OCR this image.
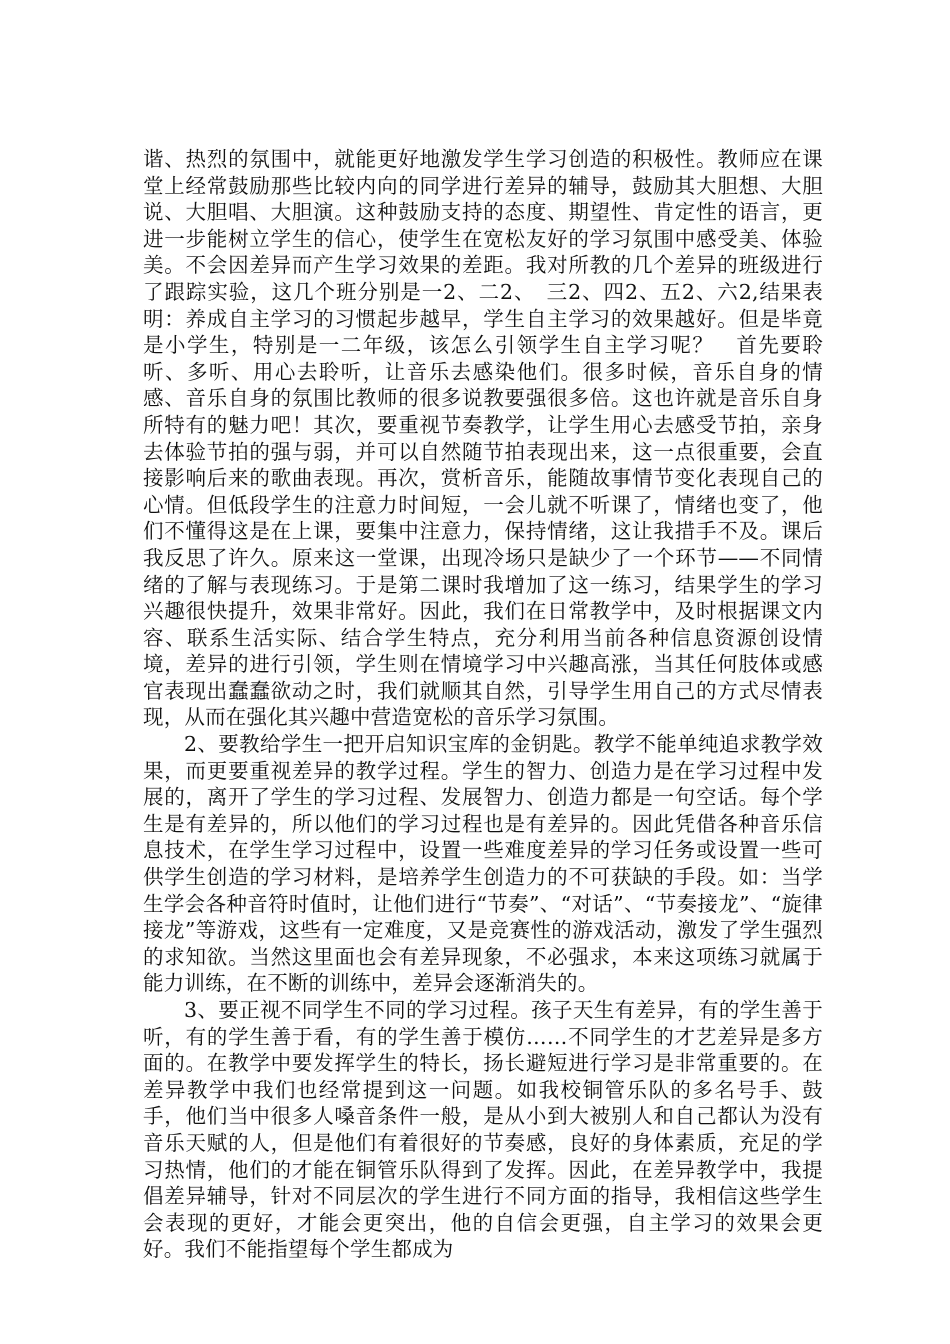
谐、热烈的氛围中，就能更好地激发学生学习创造的积极性。教师应在课堂上经常鼓励那些比较内向的同学进行差异的辅导，鼓励其大胆想、大胆说、大胆唱、大胆演。这种鼓励支持的态度、期望性、肯定性的语言，更进一步能树立学生的信心，使学生在宽松友好的学习氛围中感受美、体验美。不会因差异而产生学习效果的差距。我对所教的几个差异的班级进行了跟踪实验，这几个班分别是一2、二2、　三2、四2、五2、六2,结果表明：养成自主学习的习惯起步越早，学生自主学习的效果越好。但是毕竟是小学生，特别是一二年级，该怎么引领学生自主学习呢？　首先要聆听、多听、用心去聆听，让音乐去感染他们。很多时候，音乐自身的情感、音乐自身的氛围比教师的很多说教要强很多倍。这也许就是音乐自身所特有的魅力吧！其次，要重视节奏教学，让学生用心去感受节拍，亲身去体验节拍的强与弱，并可以自然随节拍表现出来，这一点很重要，会直接影响后来的歌曲表现。再次，赏析音乐，能随故事情节变化表现自己的心情。但低段学生的注意力时间短，一会儿就不听课了，情绪也变了，他们不懂得这是在上课，要集中注意力，保持情绪，这让我措手不及。课后我反思了许久。原来这一堂课，出现冷场只是缺少了一个环节——不同情绪的了解与表现练习。于是第二课时我增加了这一练习，结果学生的学习兴趣很快提升，效果非常好。因此，我们在日常教学中，及时根据课文内容、联系生活实际、结合学生特点，充分利用当前各种信息资源创设情境，差异的进行引领，学生则在情境学习中兴趣高涨，当其任何肢体或感官表现出蠢蠢欲动之时，我们就顺其自然，引导学生用自己的方式尽情表现，从而在强化其兴趣中营造宽松的音乐学习氛围。

2、要教给学生一把开启知识宝库的金钥匙。教学不能单纯追求教学效果，而更要重视差异的教学过程。学生的智力、创造力是在学习过程中发展的，离开了学生的学习过程、发展智力、创造力都是一句空话。每个学生是有差异的，所以他们的学习过程也是有差异的。因此凭借各种音乐信息技术，在学生学习过程中，设置一些难度差异的学习任务或设置一些可供学生创造的学习材料，是培养学生创造力的不可获缺的手段。如：当学生学会各种音符时值时，让他们进行“节奏”、“对话”、“节奏接龙”、“旋律接龙”等游戏，这些有一定难度，又是竞赛性的游戏活动，激发了学生强烈的求知欲。当然这里面也会有差异现象，不必强求，本来这项练习就属于能力训练，在不断的训练中，差异会逐渐消失的。

3、要正视不同学生不同的学习过程。孩子天生有差异，有的学生善于听，有的学生善于看，有的学生善于模仿……不同学生的才艺差异是多方面的。在教学中要发挥学生的特长，扬长避短进行学习是非常重要的。在差异教学中我们也经常提到这一问题。如我校铜管乐队的多名号手、鼓手，他们当中很多人嗓音条件一般，是从小到大被别人和自己都认为没有音乐天赋的人，但是他们有着很好的节奏感，良好的身体素质，充足的学习热情，他们的才能在铜管乐队得到了发挥。因此，在差异教学中，我提倡差异辅导，针对不同层次的学生进行不同方面的指导，我相信这些学生会表现的更好，才能会更突出，他的自信会更强，自主学习的效果会更好。我们不能指望每个学生都成为
